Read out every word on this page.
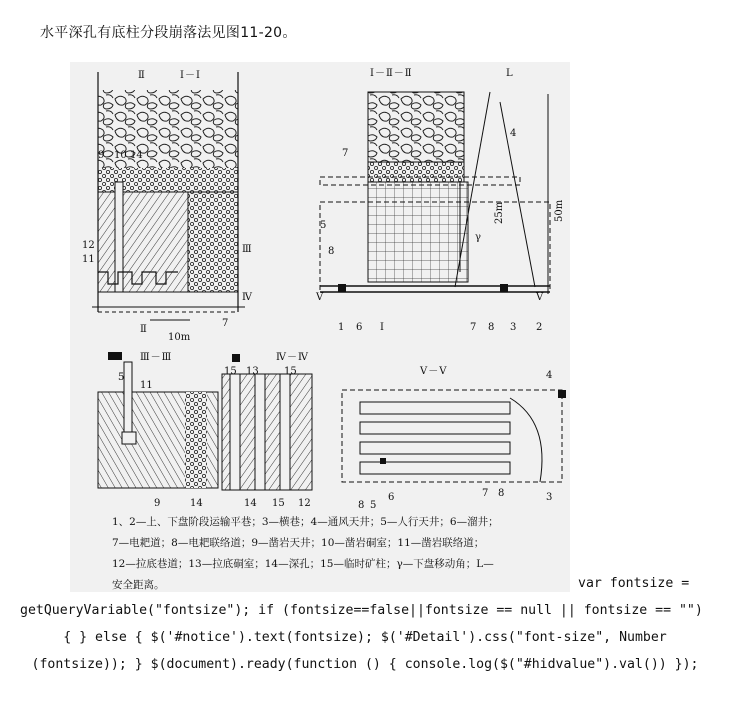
水平深孔有底柱分段崩落法见图11-20。
Ⅰ－Ⅰ
Ⅱ
Ⅱ
Ⅲ
Ⅳ
10m
9 10 14
12
11
7
Ⅰ－Ⅱ－Ⅱ	L
4
7
5
8
γ
25m	50m
Ⅴ	Ⅴ
1 6 Ⅰ	7 8 3 2
Ⅲ－Ⅲ
5
11
9	14
Ⅳ－Ⅳ
15 13	15
14 15 12
Ⅴ－Ⅴ	4
8 5
6	7 8	3
1、2—上、下盘阶段运输平巷；3—横巷；4—通风天井；5—人行天井；6—溜井；
7—电耙道；8—电耙联络道；9—凿岩天井；10—凿岩硐室；11—凿岩联络道；
12—拉底巷道；13—拉底硐室；14—深孔；15—临时矿柱；γ—下盘移动角；L—
安全距离。	var fontsize =
getQueryVariable("fontsize"); if (fontsize==false||fontsize == null || fontsize == "")
{ } else { $('#notice').text(fontsize); $('#Detail').css("font-size", Number
(fontsize)); } $(document).ready(function () { console.log($("#hidvalue").val()) });
